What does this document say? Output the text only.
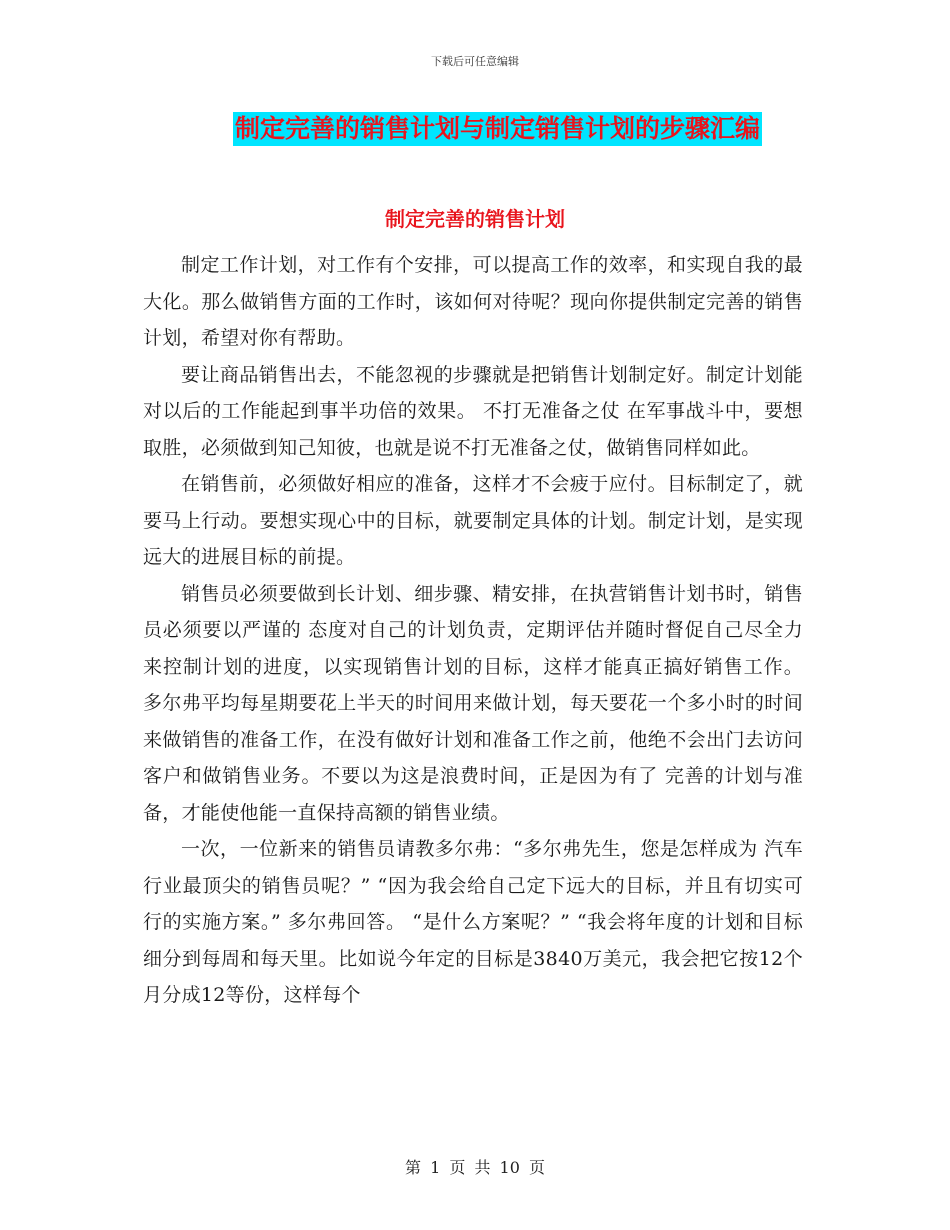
下载后可任意编辑
制定完善的销售计划与制定销售计划的步骤汇编
制定完善的销售计划

制定工作计划，对工作有个安排，可以提高工作的效率，和实现自我的最大化。那么做销售方面的工作时，该如何对待呢？现向你提供制定完善的销售计划，希望对你有帮助。

要让商品销售出去，不能忽视的步骤就是把销售计划制定好。制定计划能对以后的工作能起到事半功倍的效果。 不打无准备之仗 在军事战斗中，要想取胜，必须做到知己知彼，也就是说不打无准备之仗，做销售同样如此。

在销售前，必须做好相应的准备，这样才不会疲于应付。目标制定了，就要马上行动。要想实现心中的目标，就要制定具体的计划。制定计划，是实现远大的进展目标的前提。

销售员必须要做到长计划、细步骤、精安排，在执营销售计划书时，销售员必须要以严谨的 态度对自己的计划负责，定期评估并随时督促自己尽全力来控制计划的进度，以实现销售计划的目标，这样才能真正搞好销售工作。 多尔弗平均每星期要花上半天的时间用来做计划，每天要花一个多小时的时间来做销售的准备工作，在没有做好计划和准备工作之前，他绝不会出门去访问客户和做销售业务。不要以为这是浪费时间，正是因为有了 完善的计划与准备，才能使他能一直保持高额的销售业绩。

一次，一位新来的销售员请教多尔弗：“多尔弗先生，您是怎样成为 汽车行业最顶尖的销售员呢？” “因为我会给自己定下远大的目标，并且有切实可行的实施方案。” 多尔弗回答。 “是什么方案呢？” “我会将年度的计划和目标细分到每周和每天里。比如说今年定的目标是3840万美元，我会把它按12个月分成12等份，这样每个

第 1 页 共 10 页
